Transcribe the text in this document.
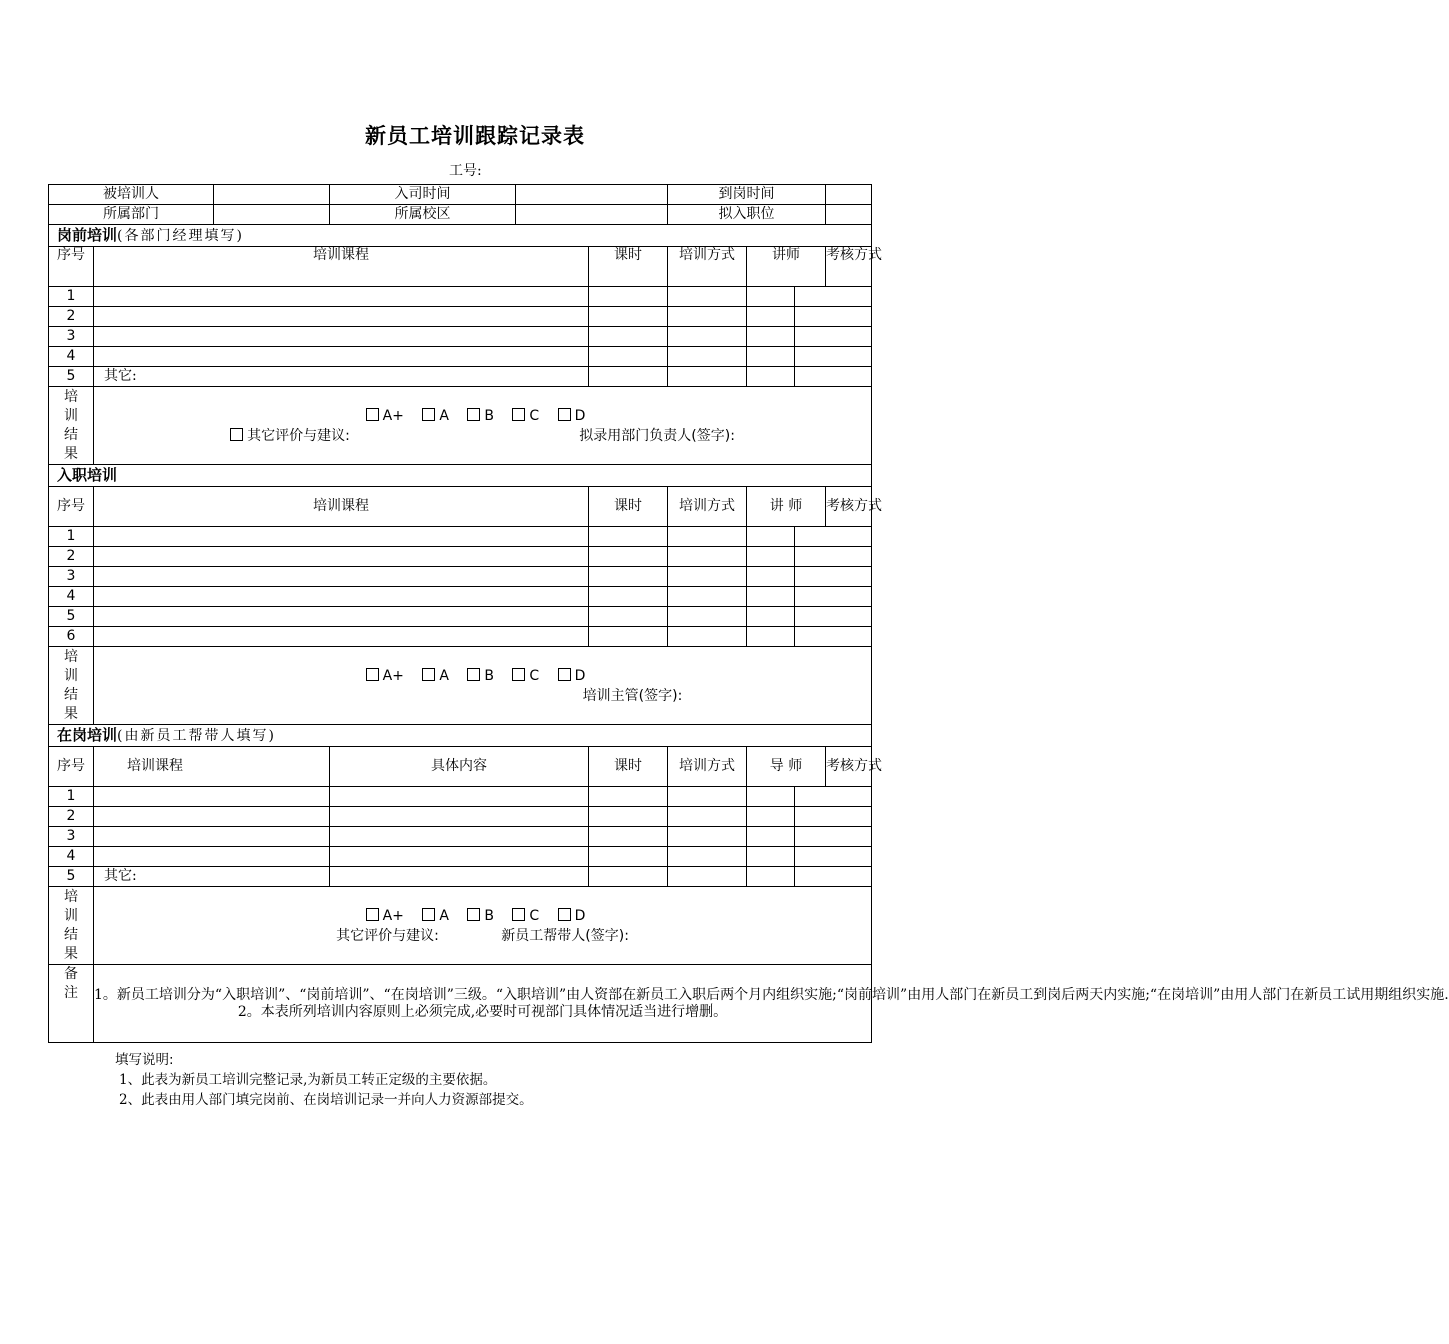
新员工培训跟踪记录表
工号:
被培训人			入司时间			到岗时间			
所属部门			所属校区			拟入职位			
岗前培训(各部门经理填写)									
序号	培训课程				课时	培训方式	讲师		考核方式
1									
2									
3									
4									
5	其它:								
培训结果	A+ A B C D
其它评价与建议: 拟录用部门负责人(签字):								

入职培训									
序号	培训课程				课时	培训方式	讲 师		考核方式
1									
2									
3									
4									
5									
6									
培训结果	A+ A B C D
培训主管(签字):								

在岗培训(由新员工帮带人填写)									
序号	培训课程		具体内容		课时	培训方式	导 师		考核方式
1									
2									
3									
4									
5	其它:								
培训结果	A+ A B C D
其它评价与建议: 新员工帮带人(签字):								

备注	1。新员工培训分为“入职培训”、“岗前培训”、“在岗培训”三级。“入职培训”由人资部在新员工入职后两个月内组织实施;“岗前培训”由用人部门在新员工到岗后两天内实施;“在岗培训”由用人部门在新员工试用期组织实施.
2。本表所列培训内容原则上必须完成,必要时可视部门具体情况适当进行增删。								
填写说明:
1、此表为新员工培训完整记录,为新员工转正定级的主要依据。
2、此表由用人部门填完岗前、在岗培训记录一并向人力资源部提交。
